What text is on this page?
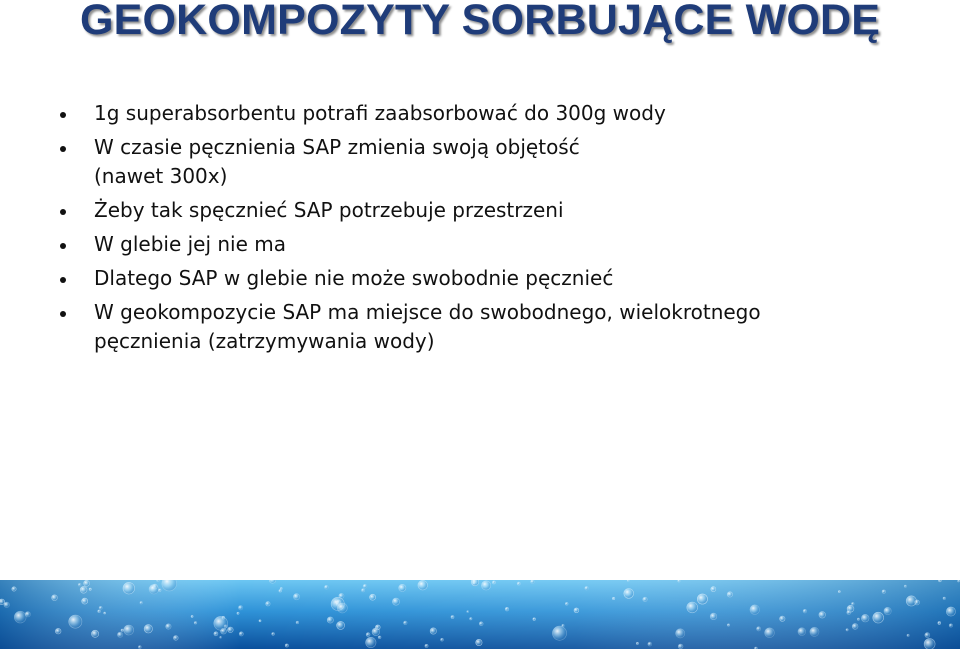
GEOKOMPOZYTY SORBUJĄCE WODĘ
1g superabsorbentu potrafi zaabsorbować do 300g wody
W czasie pęcznienia SAP zmienia swoją objętość
(nawet 300x)
Żeby tak spęcznieć SAP potrzebuje przestrzeni
W glebie jej nie ma
Dlatego SAP w glebie nie może swobodnie pęcznieć
W geokompozycie SAP ma miejsce do swobodnego, wielokrotnego
pęcznienia (zatrzymywania wody)
